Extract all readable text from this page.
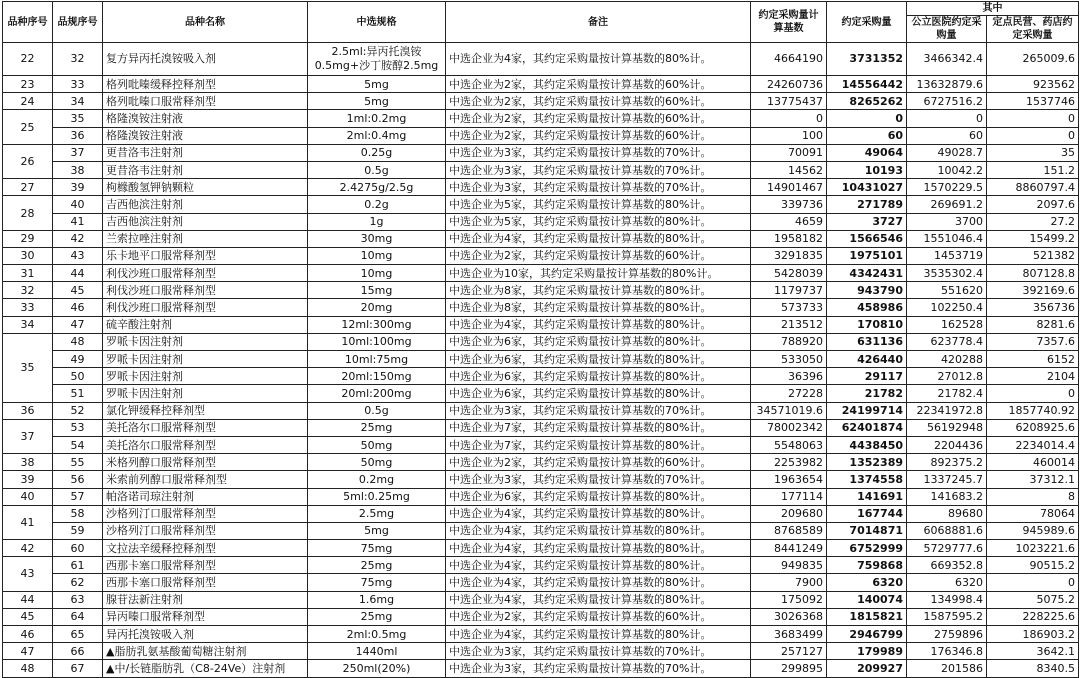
品种序号	品规序号	品种名称	中选规格	备注	约定采购量计算基数	约定采购量	其中	
							公立医院约定采购量	定点民营、药店约定采购量
22	32	复方异丙托溴铵吸入剂	2.5ml:异丙托溴铵0.5mg+沙丁胺醇2.5mg	中选企业为4家，其约定采购量按计算基数的80%计。	4664190	3731352	3466342.4	265009.6
23	33	格列吡嗪缓释控释剂型	5mg	中选企业为2家，其约定采购量按计算基数的60%计。	24260736	14556442	13632879.6	923562
24	34	格列吡嗪口服常释剂型	5mg	中选企业为2家，其约定采购量按计算基数的60%计。	13775437	8265262	6727516.2	1537746
25	35	格隆溴铵注射液	1ml:0.2mg	中选企业为2家，其约定采购量按计算基数的60%计。	0	0	0	0
	36	格隆溴铵注射液	2ml:0.4mg	中选企业为2家，其约定采购量按计算基数的60%计。	100	60	60	0
26	37	更昔洛韦注射剂	0.25g	中选企业为3家，其约定采购量按计算基数的70%计。	70091	49064	49028.7	35
	38	更昔洛韦注射剂	0.5g	中选企业为3家，其约定采购量按计算基数的70%计。	14562	10193	10042.2	151.2
27	39	枸橼酸氢钾钠颗粒	2.4275g/2.5g	中选企业为3家，其约定采购量按计算基数的70%计。	14901467	10431027	1570229.5	8860797.4
28	40	吉西他滨注射剂	0.2g	中选企业为5家，其约定采购量按计算基数的80%计。	339736	271789	269691.2	2097.6
	41	吉西他滨注射剂	1g	中选企业为5家，其约定采购量按计算基数的80%计。	4659	3727	3700	27.2
29	42	兰索拉唑注射剂	30mg	中选企业为4家，其约定采购量按计算基数的80%计。	1958182	1566546	1551046.4	15499.2
30	43	乐卡地平口服常释剂型	10mg	中选企业为2家，其约定采购量按计算基数的60%计。	3291835	1975101	1453719	521382
31	44	利伐沙班口服常释剂型	10mg	中选企业为10家，其约定采购量按计算基数的80%计。	5428039	4342431	3535302.4	807128.8
32	45	利伐沙班口服常释剂型	15mg	中选企业为8家，其约定采购量按计算基数的80%计。	1179737	943790	551620	392169.6
33	46	利伐沙班口服常释剂型	20mg	中选企业为8家，其约定采购量按计算基数的80%计。	573733	458986	102250.4	356736
34	47	硫辛酸注射剂	12ml:300mg	中选企业为4家，其约定采购量按计算基数的80%计。	213512	170810	162528	8281.6
35	48	罗哌卡因注射剂	10ml:100mg	中选企业为6家，其约定采购量按计算基数的80%计。	788920	631136	623778.4	7357.6
	49	罗哌卡因注射剂	10ml:75mg	中选企业为6家，其约定采购量按计算基数的80%计。	533050	426440	420288	6152
	50	罗哌卡因注射剂	20ml:150mg	中选企业为6家，其约定采购量按计算基数的80%计。	36396	29117	27012.8	2104
	51	罗哌卡因注射剂	20ml:200mg	中选企业为6家，其约定采购量按计算基数的80%计。	27228	21782	21782.4	0
36	52	氯化钾缓释控释剂型	0.5g	中选企业为3家，其约定采购量按计算基数的70%计。	34571019.6	24199714	22341972.8	1857740.92
37	53	美托洛尔口服常释剂型	25mg	中选企业为7家，其约定采购量按计算基数的80%计。	78002342	62401874	56192948	6208925.6
	54	美托洛尔口服常释剂型	50mg	中选企业为7家，其约定采购量按计算基数的80%计。	5548063	4438450	2204436	2234014.4
38	55	米格列醇口服常释剂型	50mg	中选企业为2家，其约定采购量按计算基数的60%计。	2253982	1352389	892375.2	460014
39	56	米索前列醇口服常释剂型	0.2mg	中选企业为3家，其约定采购量按计算基数的70%计。	1963654	1374558	1337245.7	37312.1
40	57	帕洛诺司琼注射剂	5ml:0.25mg	中选企业为6家，其约定采购量按计算基数的80%计。	177114	141691	141683.2	8
41	58	沙格列汀口服常释剂型	2.5mg	中选企业为4家，其约定采购量按计算基数的80%计。	209680	167744	89680	78064
	59	沙格列汀口服常释剂型	5mg	中选企业为4家，其约定采购量按计算基数的80%计。	8768589	7014871	6068881.6	945989.6
42	60	文拉法辛缓释控释剂型	75mg	中选企业为4家，其约定采购量按计算基数的80%计。	8441249	6752999	5729777.6	1023221.6
43	61	西那卡塞口服常释剂型	25mg	中选企业为4家，其约定采购量按计算基数的80%计。	949835	759868	669352.8	90515.2
	62	西那卡塞口服常释剂型	75mg	中选企业为4家，其约定采购量按计算基数的80%计。	7900	6320	6320	0
44	63	腺苷法新注射剂	1.6mg	中选企业为4家，其约定采购量按计算基数的80%计。	175092	140074	134998.4	5075.2
45	64	异丙嗪口服常释剂型	25mg	中选企业为2家，其约定采购量按计算基数的60%计。	3026368	1815821	1587595.2	228225.6
46	65	异丙托溴铵吸入剂	2ml:0.5mg	中选企业为4家，其约定采购量按计算基数的80%计。	3683499	2946799	2759896	186903.2
47	66	▲脂肪乳氨基酸葡萄糖注射剂	1440ml	中选企业为3家，其约定采购量按计算基数的70%计。	257127	179989	176346.8	3642.1
48	67	▲中/长链脂肪乳（C8-24Ve）注射剂	250ml(20%)	中选企业为3家，其约定采购量按计算基数的70%计。	299895	209927	201586	8340.5
